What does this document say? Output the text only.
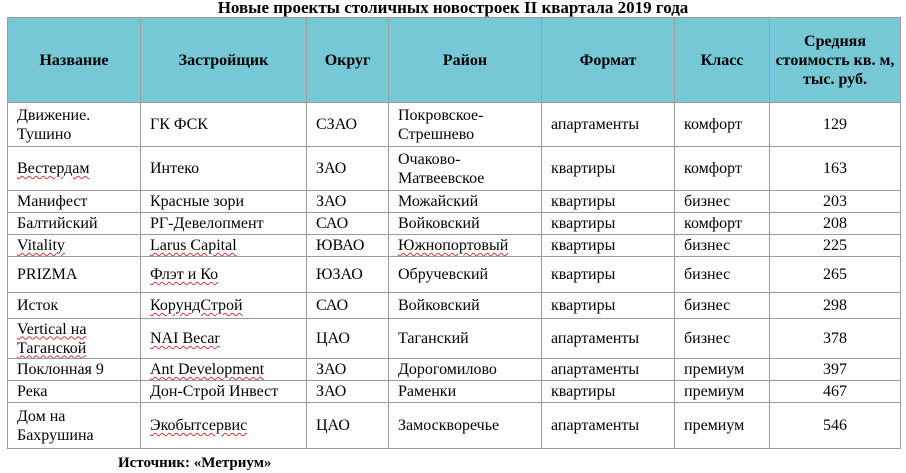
Новые проекты столичных новостроек II квартала 2019 года
Название	Застройщик	Округ	Район	Формат	Класс	Средняя стоимость кв. м, тыс. руб.
Движение. Тушино	ГК ФСК	СЗАО	Покровское-Стрешнево	апартаменты	комфорт	129
Вестердам	Интеко	ЗАО	Очаково-Матвеевское	квартиры	комфорт	163
Манифест	Красные зори	ЗАО	Можайский	квартиры	бизнес	203
Балтийский	РГ-Девелопмент	САО	Войковский	квартиры	комфорт	208
Vitality	Larus Capital	ЮВАО	Южнопортовый	квартиры	бизнес	225
PRIZMA	Флэт и Ко	ЮЗАО	Обручевский	квартиры	бизнес	265
Исток	КорундСтрой	САО	Войковский	квартиры	бизнес	298
Vertical на Таганской	NAI Becar	ЦАО	Таганский	апартаменты	бизнес	378
Поклонная 9	Ant Development	ЗАО	Дорогомилово	апартаменты	премиум	397
Река	Дон-Строй Инвест	ЗАО	Раменки	квартиры	премиум	467
Дом на Бахрушина	Экобытсервис	ЦАО	Замоскворечье	апартаменты	премиум	546
Источник: «Метриум»
